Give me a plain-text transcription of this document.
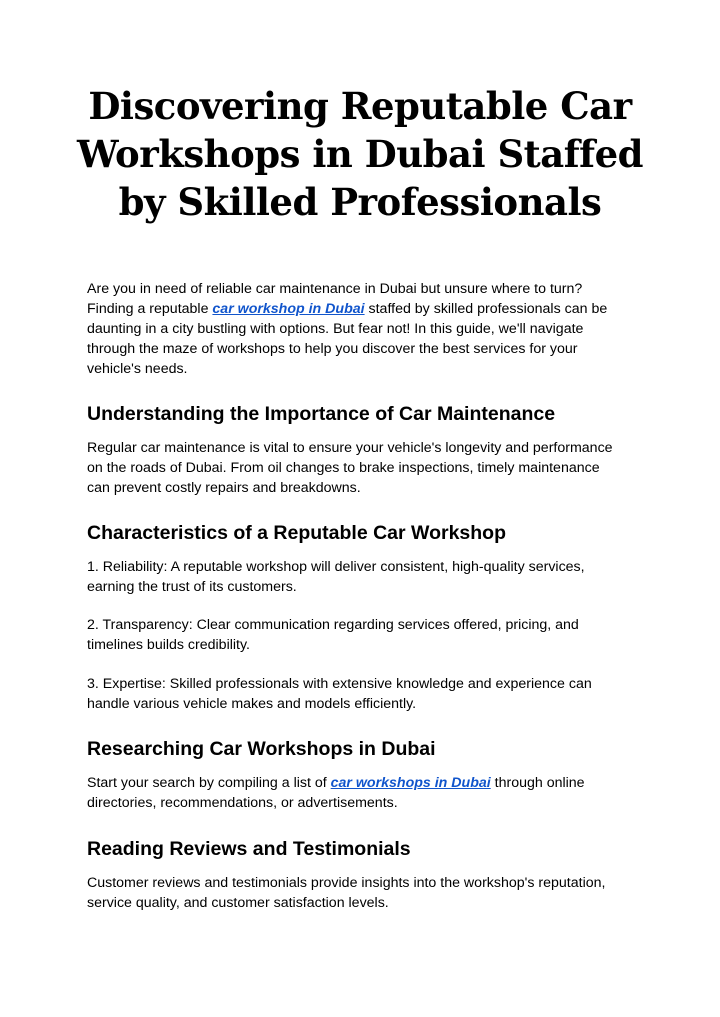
Discovering Reputable Car
Workshops in Dubai Staffed
by Skilled Professionals

Are you in need of reliable car maintenance in Dubai but unsure where to turn?
Finding a reputable car workshop in Dubai staffed by skilled professionals can be
daunting in a city bustling with options. But fear not! In this guide, we'll navigate
through the maze of workshops to help you discover the best services for your
vehicle's needs.

Understanding the Importance of Car Maintenance

Regular car maintenance is vital to ensure your vehicle's longevity and performance
on the roads of Dubai. From oil changes to brake inspections, timely maintenance
can prevent costly repairs and breakdowns.

Characteristics of a Reputable Car Workshop

1. Reliability: A reputable workshop will deliver consistent, high-quality services,
earning the trust of its customers.

2. Transparency: Clear communication regarding services offered, pricing, and
timelines builds credibility.

3. Expertise: Skilled professionals with extensive knowledge and experience can
handle various vehicle makes and models efficiently.

Researching Car Workshops in Dubai

Start your search by compiling a list of car workshops in Dubai through online
directories, recommendations, or advertisements.

Reading Reviews and Testimonials

Customer reviews and testimonials provide insights into the workshop's reputation,
service quality, and customer satisfaction levels.
